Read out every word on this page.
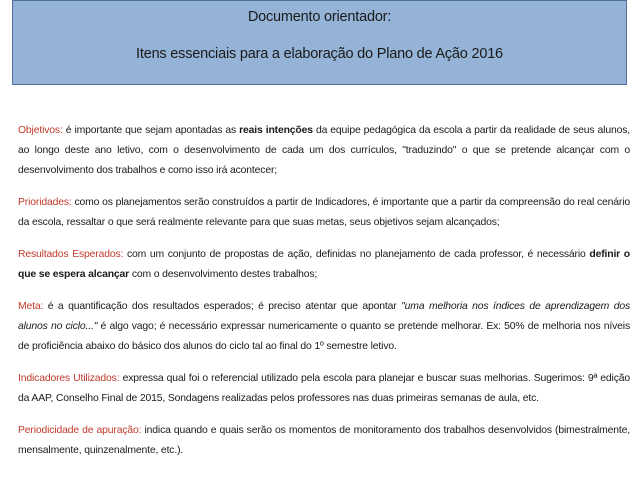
Documento orientador:
Itens essenciais para a elaboração do Plano de Ação 2016

Objetivos: é importante que sejam apontadas as reais intenções da equipe pedagógica da escola a partir da realidade de seus alunos, ao longo deste ano letivo, com o desenvolvimento de cada um dos currículos, "traduzindo" o que se pretende alcançar com o desenvolvimento dos trabalhos e como isso irá acontecer;

Prioridades: como os planejamentos serão construídos a partir de Indicadores, é importante que a partir da compreensão do real cenário da escola, ressaltar o que será realmente relevante para que suas metas, seus objetivos sejam alcançados;

Resultados Esperados: com um conjunto de propostas de ação, definidas no planejamento de cada professor, é necessário definir o que se espera alcançar com o desenvolvimento destes trabalhos;

Meta: é a quantificação dos resultados esperados; é preciso atentar que apontar "uma melhoria nos índices de aprendizagem dos alunos no ciclo..." é algo vago; é necessário expressar numericamente o quanto se pretende melhorar. Ex: 50% de melhoria nos níveis de proficiência abaixo do básico dos alunos do ciclo tal ao final do 1º semestre letivo.

Indicadores Utilizados: expressa qual foi o referencial utilizado pela escola para planejar e buscar suas melhorias. Sugerimos: 9ª edição da AAP, Conselho Final de 2015, Sondagens realizadas pelos professores nas duas primeiras semanas de aula, etc.

Periodicidade de apuração: indica quando e quais serão os momentos de monitoramento dos trabalhos desenvolvidos (bimestralmente, mensalmente, quinzenalmente, etc.).
